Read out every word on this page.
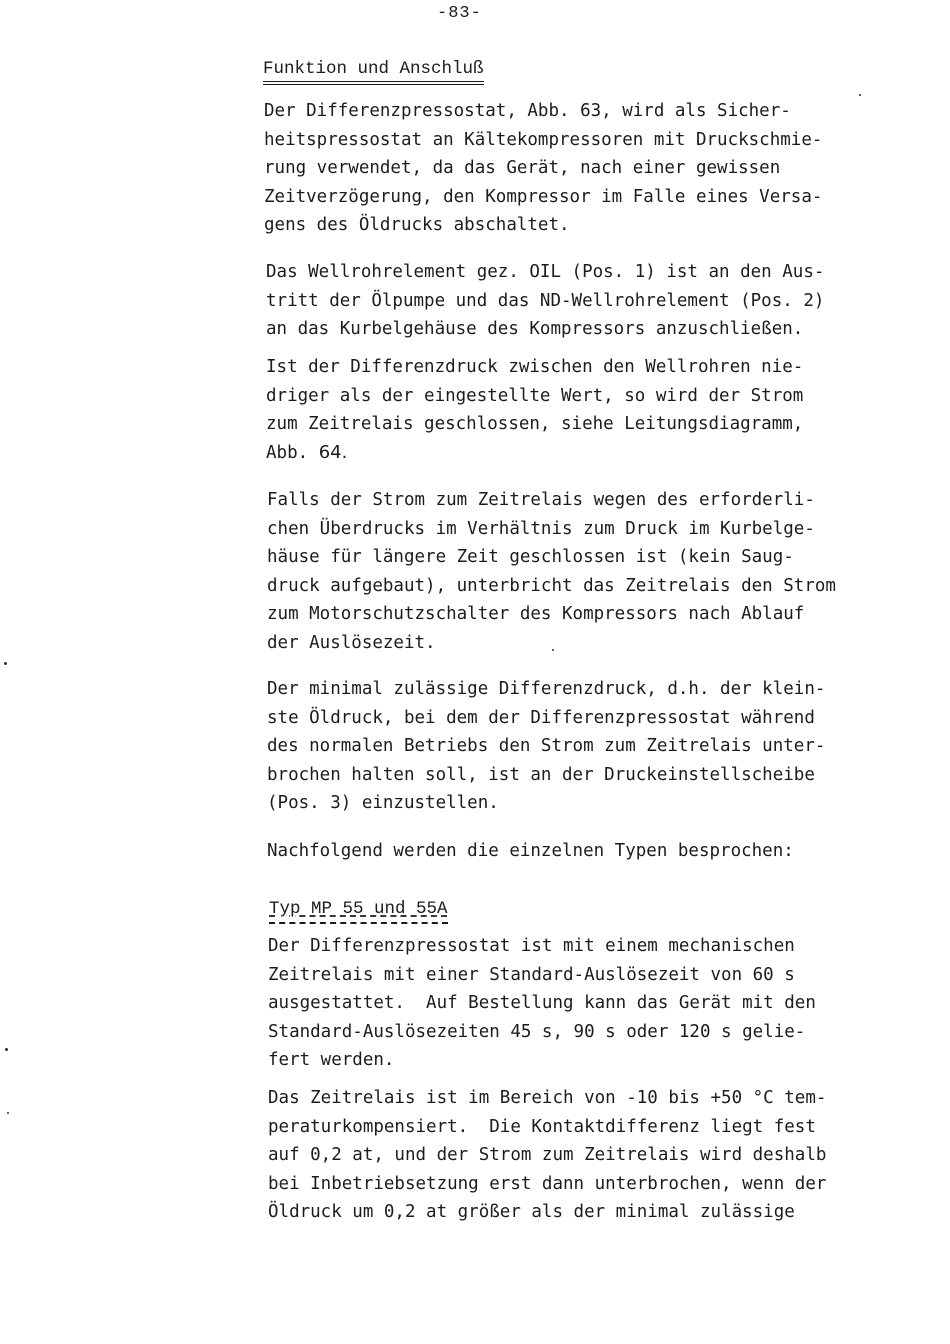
-83-
Funktion und Anschluß
Der Differenzpressostat, Abb. 63, wird als Sicher-
heitspressostat an Kältekompressoren mit Druckschmie-
rung verwendet, da das Gerät, nach einer gewissen
Zeitverzögerung, den Kompressor im Falle eines Versa-
gens des Öldrucks abschaltet.
Das Wellrohrelement gez. OIL (Pos. 1) ist an den Aus-
tritt der Ölpumpe und das ND-Wellrohrelement (Pos. 2)
an das Kurbelgehäuse des Kompressors anzuschließen.
Ist der Differenzdruck zwischen den Wellrohren nie-
driger als der eingestellte Wert, so wird der Strom
zum Zeitrelais geschlossen, siehe Leitungsdiagramm,
Abb. 64.
Falls der Strom zum Zeitrelais wegen des erforderli-
chen Überdrucks im Verhältnis zum Druck im Kurbelge-
häuse für längere Zeit geschlossen ist (kein Saug-
druck aufgebaut), unterbricht das Zeitrelais den Strom
zum Motorschutzschalter des Kompressors nach Ablauf
der Auslösezeit.
Der minimal zulässige Differenzdruck, d.h. der klein-
ste Öldruck, bei dem der Differenzpressostat während
des normalen Betriebs den Strom zum Zeitrelais unter-
brochen halten soll, ist an der Druckeinstellscheibe
(Pos. 3) einzustellen.
Nachfolgend werden die einzelnen Typen besprochen:
Typ MP 55 und 55A
Der Differenzpressostat ist mit einem mechanischen
Zeitrelais mit einer Standard-Auslösezeit von 60 s
ausgestattet.  Auf Bestellung kann das Gerät mit den
Standard-Auslösezeiten 45 s, 90 s oder 120 s gelie-
fert werden.
Das Zeitrelais ist im Bereich von -10 bis +50 °C tem-
peraturkompensiert.  Die Kontaktdifferenz liegt fest
auf 0,2 at, und der Strom zum Zeitrelais wird deshalb
bei Inbetriebsetzung erst dann unterbrochen, wenn der
Öldruck um 0,2 at größer als der minimal zulässige
